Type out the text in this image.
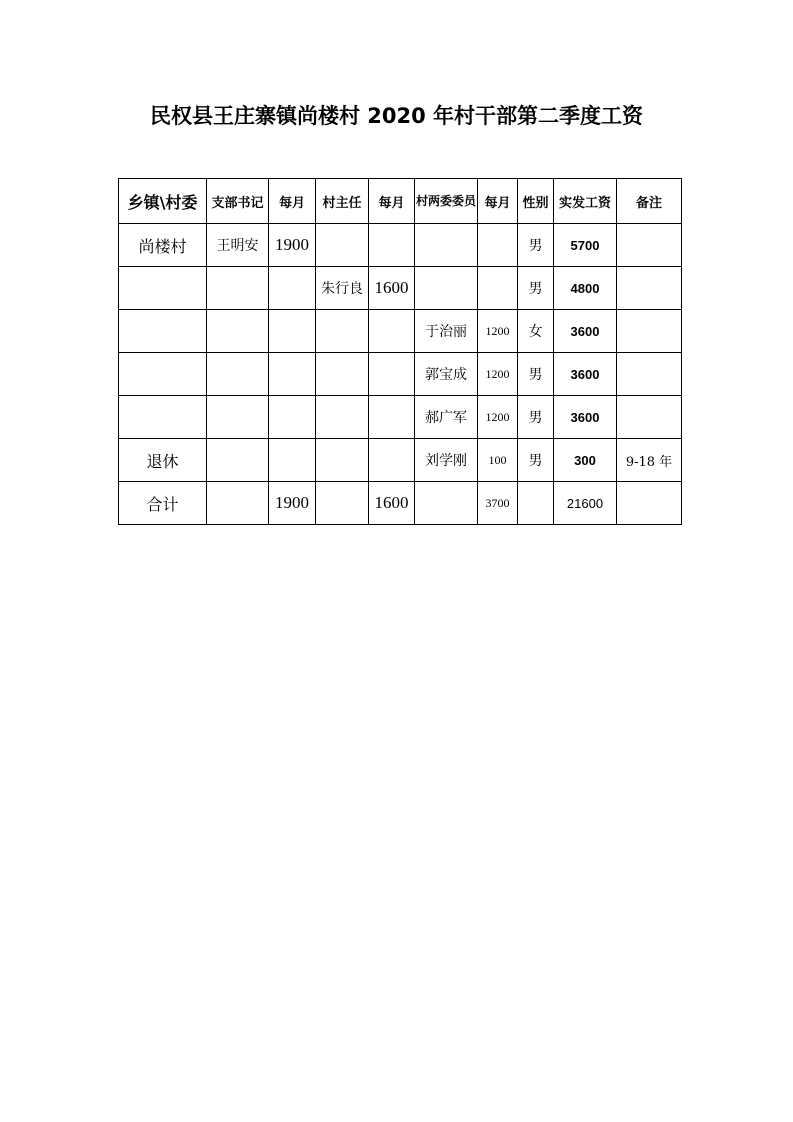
民权县王庄寨镇尚楼村 2020 年村干部第二季度工资
乡镇\村委	支部书记	每月	村主任	每月	村两委委员	每月	性别	实发工资	备注
尚楼村	王明安	1900					男	5700	
			朱行良	1600			男	4800	
					于治丽	1200	女	3600	
					郭宝成	1200	男	3600	
					郝广军	1200	男	3600	
退休					刘学刚	100	男	300	9-18 年
合计		1900		1600		3700		21600	
